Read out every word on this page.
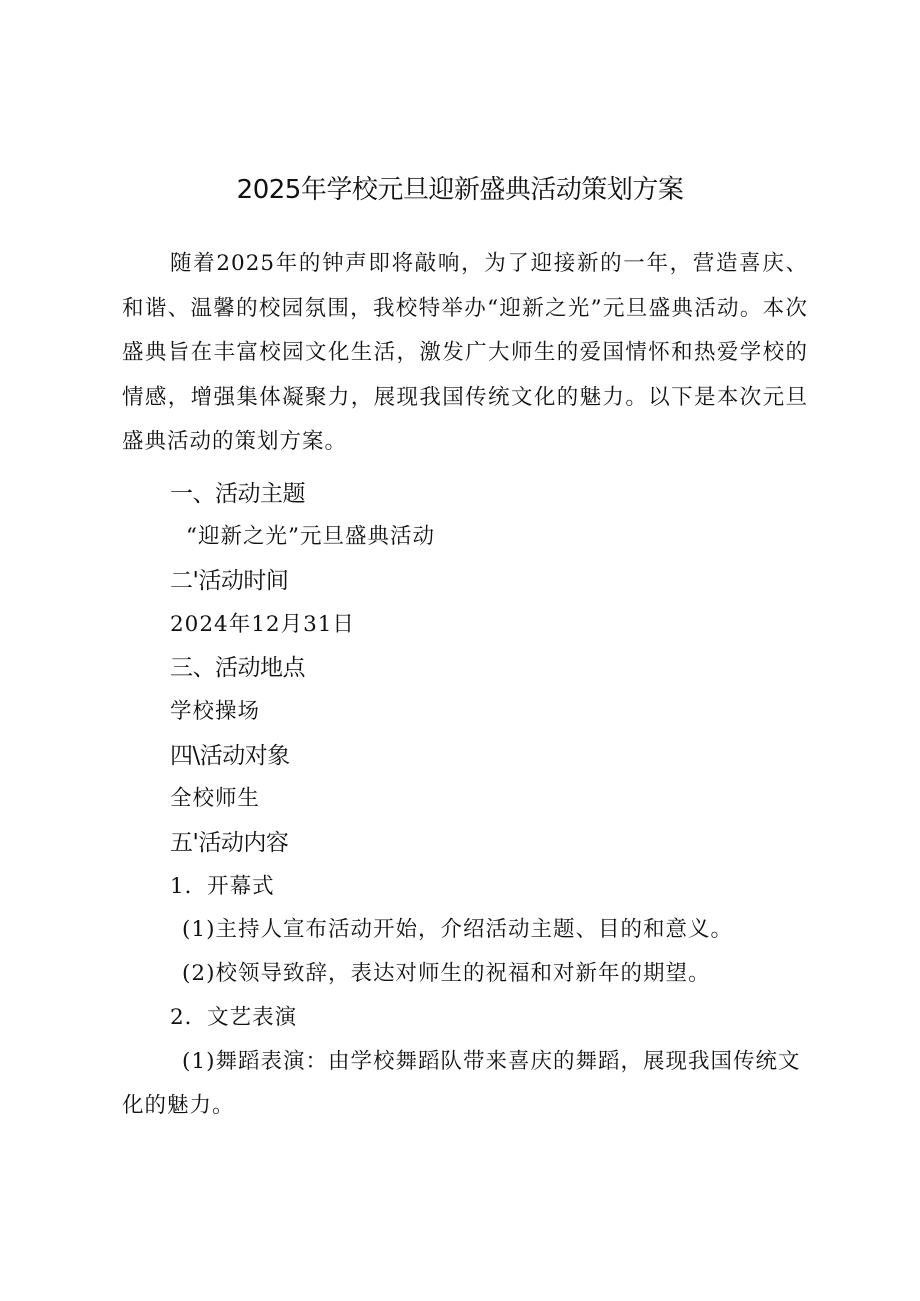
2025年学校元旦迎新盛典活动策划方案
随着2025年的钟声即将敲响，为了迎接新的一年，营造喜庆、和谐、温馨的校园氛围，我校特举办“迎新之光”元旦盛典活动。本次盛典旨在丰富校园文化生活，激发广大师生的爱国情怀和热爱学校的情感，增强集体凝聚力，展现我国传统文化的魅力。以下是本次元旦盛典活动的策划方案。
一、活动主题
“迎新之光”元旦盛典活动
二'活动时间
2024年12月31日
三、活动地点
学校操场
四\活动对象
全校师生
五'活动内容
1．开幕式
(1)主持人宣布活动开始，介绍活动主题、目的和意义。
(2)校领导致辞，表达对师生的祝福和对新年的期望。
2．文艺表演
(1)舞蹈表演：由学校舞蹈队带来喜庆的舞蹈，展现我国传统文化的魅力。
